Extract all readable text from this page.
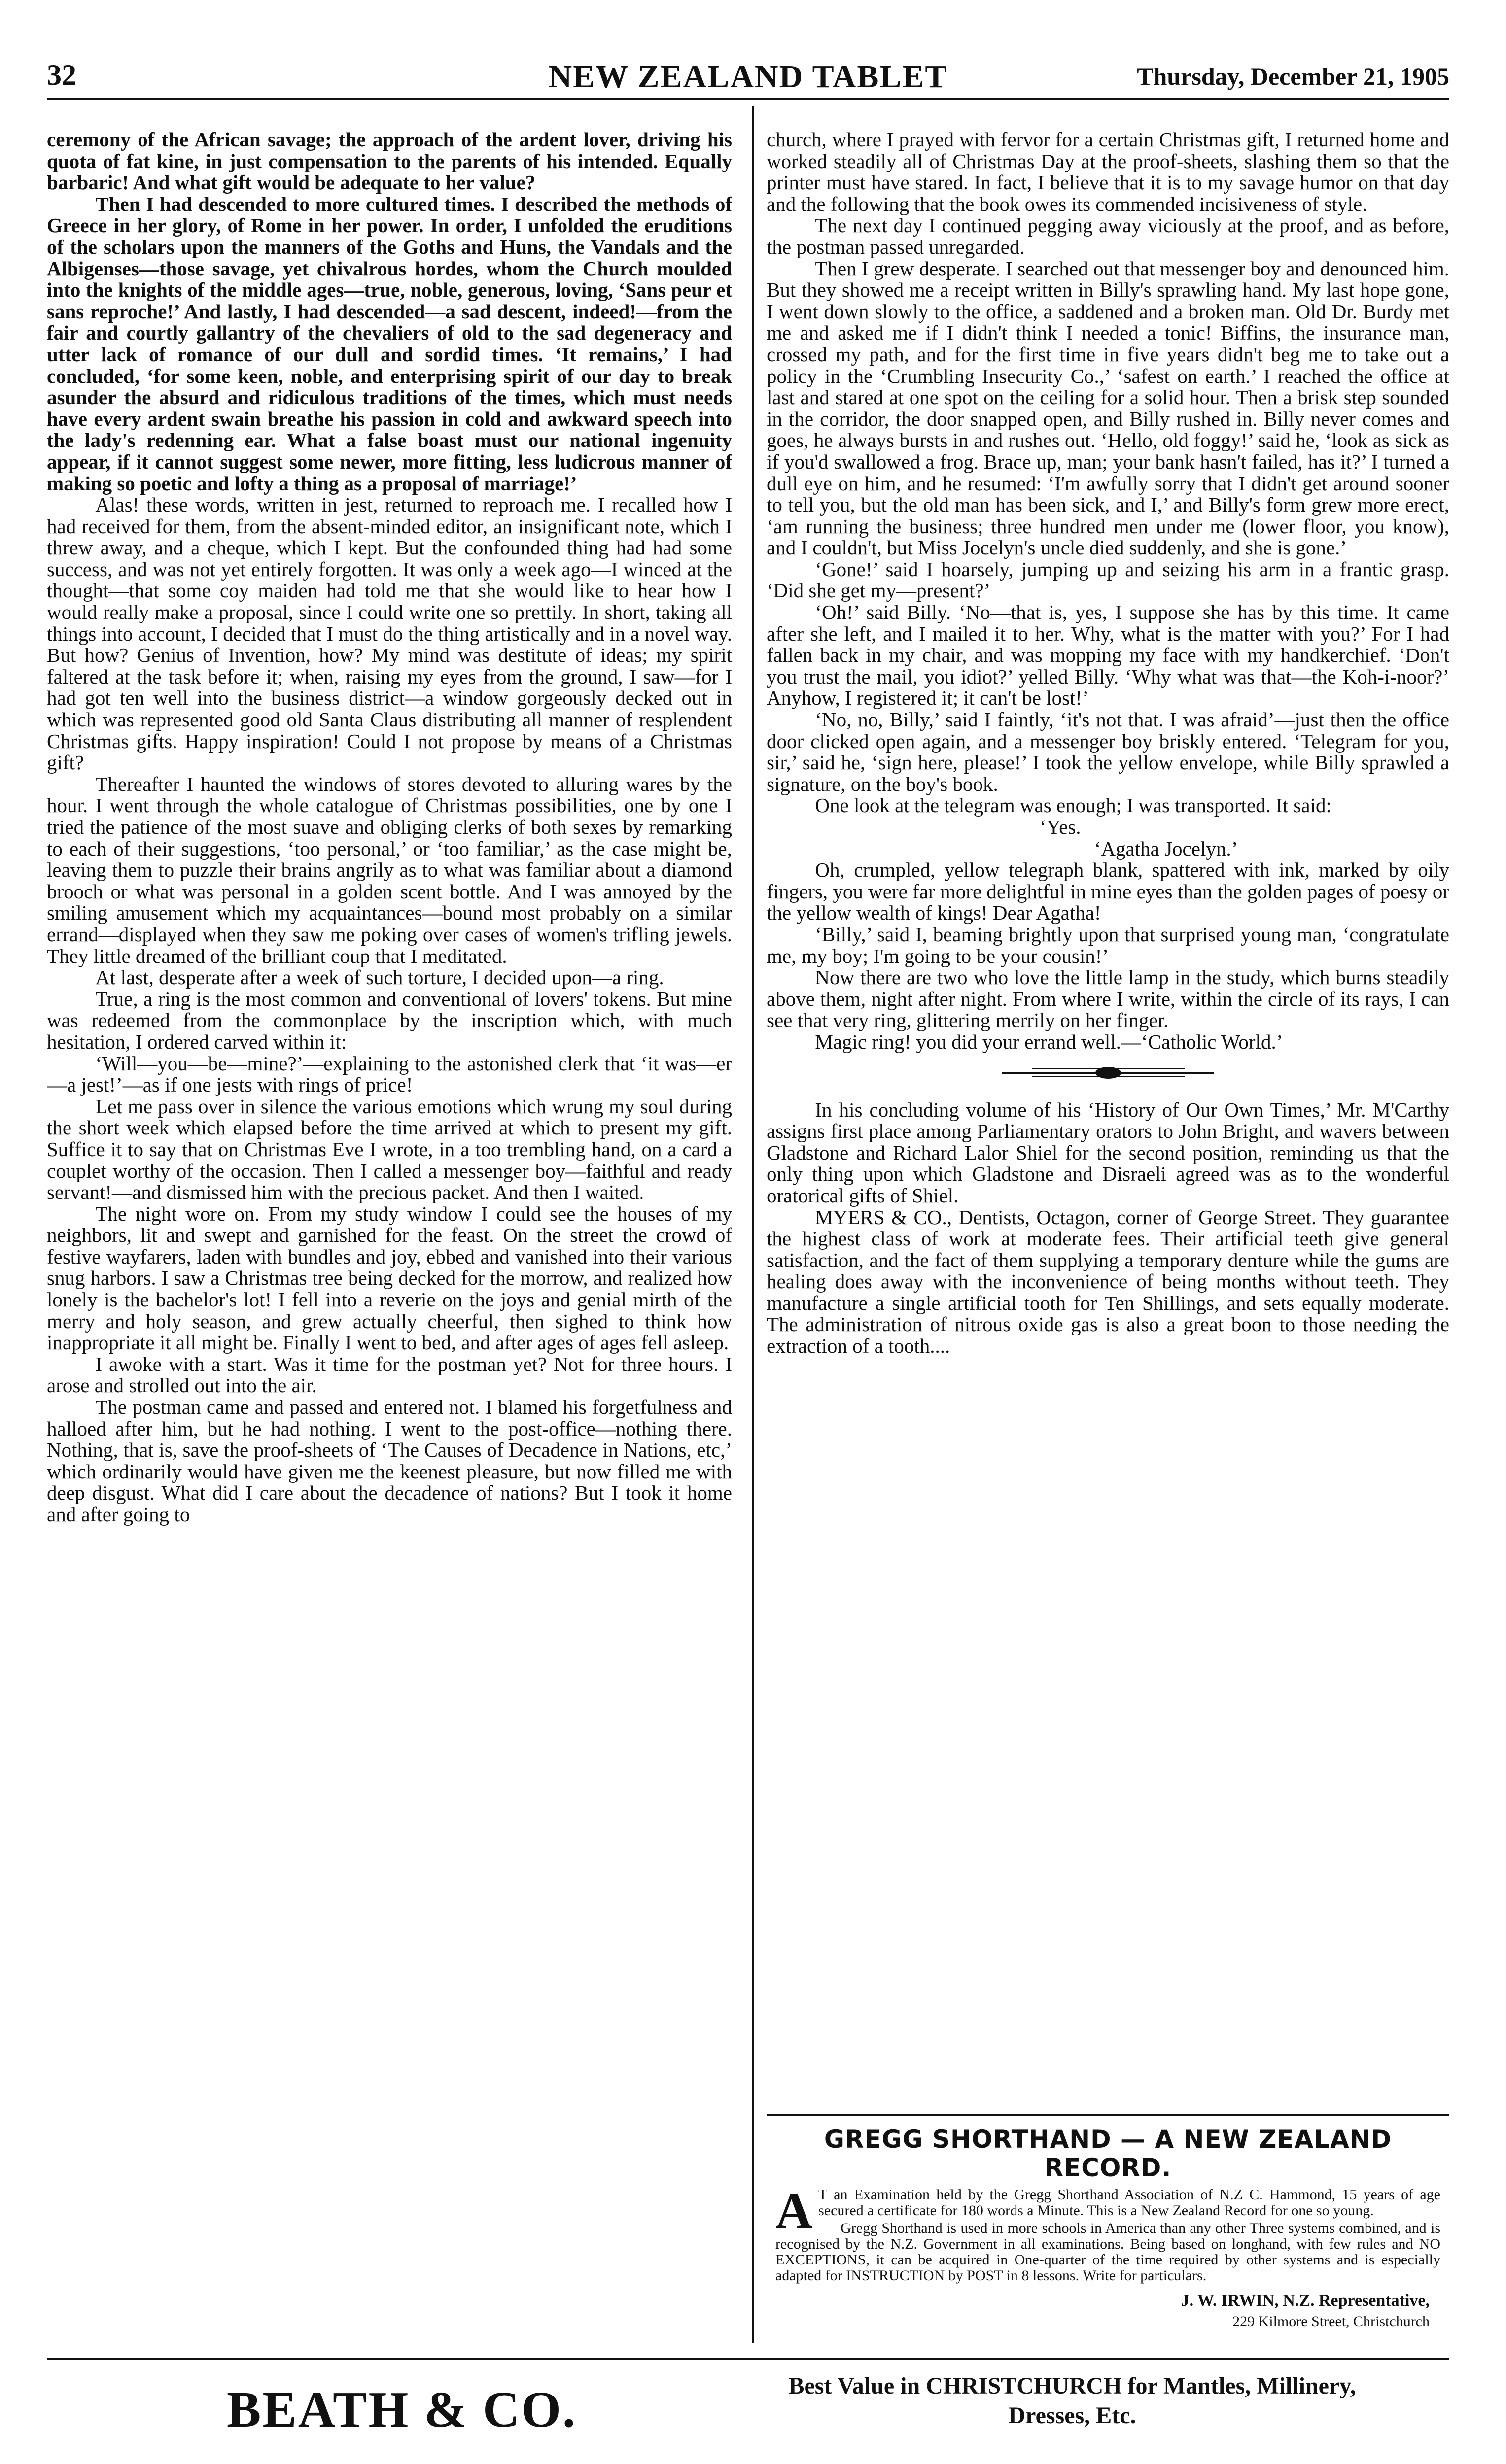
32	NEW ZEALAND TABLET	Thursday, December 21, 1905

ceremony of the African savage; the approach of the ardent lover, driving his quota of fat kine, in just compensation to the parents of his intended. Equally barbaric! And what gift would be adequate to her value?

Then I had descended to more cultured times. I described the methods of Greece in her glory, of Rome in her power. In order, I unfolded the eruditions of the scholars upon the manners of the Goths and Huns, the Vandals and the Albigenses—those savage, yet chivalrous hordes, whom the Church moulded into the knights of the middle ages—true, noble, generous, loving, ‘Sans peur et sans reproche!’ And lastly, I had descended—a sad descent, indeed!—from the fair and courtly gallantry of the chevaliers of old to the sad degeneracy and utter lack of romance of our dull and sordid times. ‘It remains,’ I had concluded, ‘for some keen, noble, and enterprising spirit of our day to break asunder the absurd and ridiculous traditions of the times, which must needs have every ardent swain breathe his passion in cold and awkward speech into the lady's redenning ear. What a false boast must our national ingenuity appear, if it cannot suggest some newer, more fitting, less ludicrous manner of making so poetic and lofty a thing as a proposal of marriage!’

Alas! these words, written in jest, returned to reproach me. I recalled how I had received for them, from the absent-minded editor, an insignificant note, which I threw away, and a cheque, which I kept. But the confounded thing had had some success, and was not yet entirely forgotten. It was only a week ago—I winced at the thought—that some coy maiden had told me that she would like to hear how I would really make a proposal, since I could write one so prettily. In short, taking all things into account, I decided that I must do the thing artistically and in a novel way. But how? Genius of Invention, how? My mind was destitute of ideas; my spirit faltered at the task before it; when, raising my eyes from the ground, I saw—for I had got ten well into the business district—a window gorgeously decked out in which was represented good old Santa Claus distributing all manner of resplendent Christmas gifts. Happy inspiration! Could I not propose by means of a Christmas gift?

Thereafter I haunted the windows of stores devoted to alluring wares by the hour. I went through the whole catalogue of Christmas possibilities, one by one I tried the patience of the most suave and obliging clerks of both sexes by remarking to each of their suggestions, ‘too personal,’ or ‘too familiar,’ as the case might be, leaving them to puzzle their brains angrily as to what was familiar about a diamond brooch or what was personal in a golden scent bottle. And I was annoyed by the smiling amusement which my acquaintances—bound most probably on a similar errand—displayed when they saw me poking over cases of women's trifling jewels. They little dreamed of the brilliant coup that I meditated.

At last, desperate after a week of such torture, I decided upon—a ring.

True, a ring is the most common and conventional of lovers' tokens. But mine was redeemed from the commonplace by the inscription which, with much hesitation, I ordered carved within it:

‘Will—you—be—mine?’—explaining to the astonished clerk that ‘it was—er—a jest!’—as if one jests with rings of price!

Let me pass over in silence the various emotions which wrung my soul during the short week which elapsed before the time arrived at which to present my gift. Suffice it to say that on Christmas Eve I wrote, in a too trembling hand, on a card a couplet worthy of the occasion. Then I called a messenger boy—faithful and ready servant!—and dismissed him with the precious packet. And then I waited.

The night wore on. From my study window I could see the houses of my neighbors, lit and swept and garnished for the feast. On the street the crowd of festive wayfarers, laden with bundles and joy, ebbed and vanished into their various snug harbors. I saw a Christmas tree being decked for the morrow, and realized how lonely is the bachelor's lot! I fell into a reverie on the joys and genial mirth of the merry and holy season, and grew actually cheerful, then sighed to think how inappropriate it all might be. Finally I went to bed, and after ages of ages fell asleep.

I awoke with a start. Was it time for the postman yet? Not for three hours. I arose and strolled out into the air.

The postman came and passed and entered not. I blamed his forgetfulness and halloed after him, but he had nothing. I went to the post-office—nothing there. Nothing, that is, save the proof-sheets of ‘The Causes of Decadence in Nations, etc,’ which ordinarily would have given me the keenest pleasure, but now filled me with deep disgust. What did I care about the decadence of nations? But I took it home and after going to

church, where I prayed with fervor for a certain Christmas gift, I returned home and worked steadily all of Christmas Day at the proof-sheets, slashing them so that the printer must have stared. In fact, I believe that it is to my savage humor on that day and the following that the book owes its commended incisiveness of style.

The next day I continued pegging away viciously at the proof, and as before, the postman passed unregarded.

Then I grew desperate. I searched out that messenger boy and denounced him. But they showed me a receipt written in Billy's sprawling hand. My last hope gone, I went down slowly to the office, a saddened and a broken man. Old Dr. Burdy met me and asked me if I didn't think I needed a tonic! Biffins, the insurance man, crossed my path, and for the first time in five years didn't beg me to take out a policy in the ‘Crumbling Insecurity Co.,’ ‘safest on earth.’ I reached the office at last and stared at one spot on the ceiling for a solid hour. Then a brisk step sounded in the corridor, the door snapped open, and Billy rushed in. Billy never comes and goes, he always bursts in and rushes out. ‘Hello, old foggy!’ said he, ‘look as sick as if you'd swallowed a frog. Brace up, man; your bank hasn't failed, has it?’ I turned a dull eye on him, and he resumed: ‘I'm awfully sorry that I didn't get around sooner to tell you, but the old man has been sick, and I,’ and Billy's form grew more erect, ‘am running the business; three hundred men under me (lower floor, you know), and I couldn't, but Miss Jocelyn's uncle died suddenly, and she is gone.’

‘Gone!’ said I hoarsely, jumping up and seizing his arm in a frantic grasp. ‘Did she get my—present?’

‘Oh!’ said Billy. ‘No—that is, yes, I suppose she has by this time. It came after she left, and I mailed it to her. Why, what is the matter with you?’ For I had fallen back in my chair, and was mopping my face with my handkerchief. ‘Don't you trust the mail, you idiot?’ yelled Billy. ‘Why what was that—the Koh-i-noor?’ Anyhow, I registered it; it can't be lost!’

‘No, no, Billy,’ said I faintly, ‘it's not that. I was afraid’—just then the office door clicked open again, and a messenger boy briskly entered. ‘Telegram for you, sir,’ said he, ‘sign here, please!’ I took the yellow envelope, while Billy sprawled a signature, on the boy's book.

One look at the telegram was enough; I was transported. It said:

‘Yes.

‘Agatha Jocelyn.’

Oh, crumpled, yellow telegraph blank, spattered with ink, marked by oily fingers, you were far more delightful in mine eyes than the golden pages of poesy or the yellow wealth of kings! Dear Agatha!

‘Billy,’ said I, beaming brightly upon that surprised young man, ‘congratulate me, my boy; I'm going to be your cousin!’

Now there are two who love the little lamp in the study, which burns steadily above them, night after night. From where I write, within the circle of its rays, I can see that very ring, glittering merrily on her finger.

Magic ring! you did your errand well.—‘Catholic World.’

In his concluding volume of his ‘History of Our Own Times,’ Mr. M'Carthy assigns first place among Parliamentary orators to John Bright, and wavers between Gladstone and Richard Lalor Shiel for the second position, reminding us that the only thing upon which Gladstone and Disraeli agreed was as to the wonderful oratorical gifts of Shiel.

MYERS & CO., Dentists, Octagon, corner of George Street. They guarantee the highest class of work at moderate fees. Their artificial teeth give general satisfaction, and the fact of them supplying a temporary denture while the gums are healing does away with the inconvenience of being months without teeth. They manufacture a single artificial tooth for Ten Shillings, and sets equally moderate. The administration of nitrous oxide gas is also a great boon to those needing the extraction of a tooth....

GREGG SHORTHAND — A NEW ZEALAND RECORD.
A T an Examination held by the Gregg Shorthand Association of N.Z C. Hammond, 15 years of age secured a certificate for 180 words a Minute. This is a New Zealand Record for one so young.
Gregg Shorthand is used in more schools in America than any other Three systems combined, and is recognised by the N.Z. Government in all examinations. Being based on longhand, with few rules and NO EXCEPTIONS, it can be acquired in One-quarter of the time required by other systems and is especially adapted for INSTRUCTION by POST in 8 lessons. Write for particulars.
J. W. IRWIN, N.Z. Representative,
229 Kilmore Street, Christchurch
BEATH & CO.	Best Value in CHRISTCHURCH for Mantles, Millinery,
Dresses, Etc.
